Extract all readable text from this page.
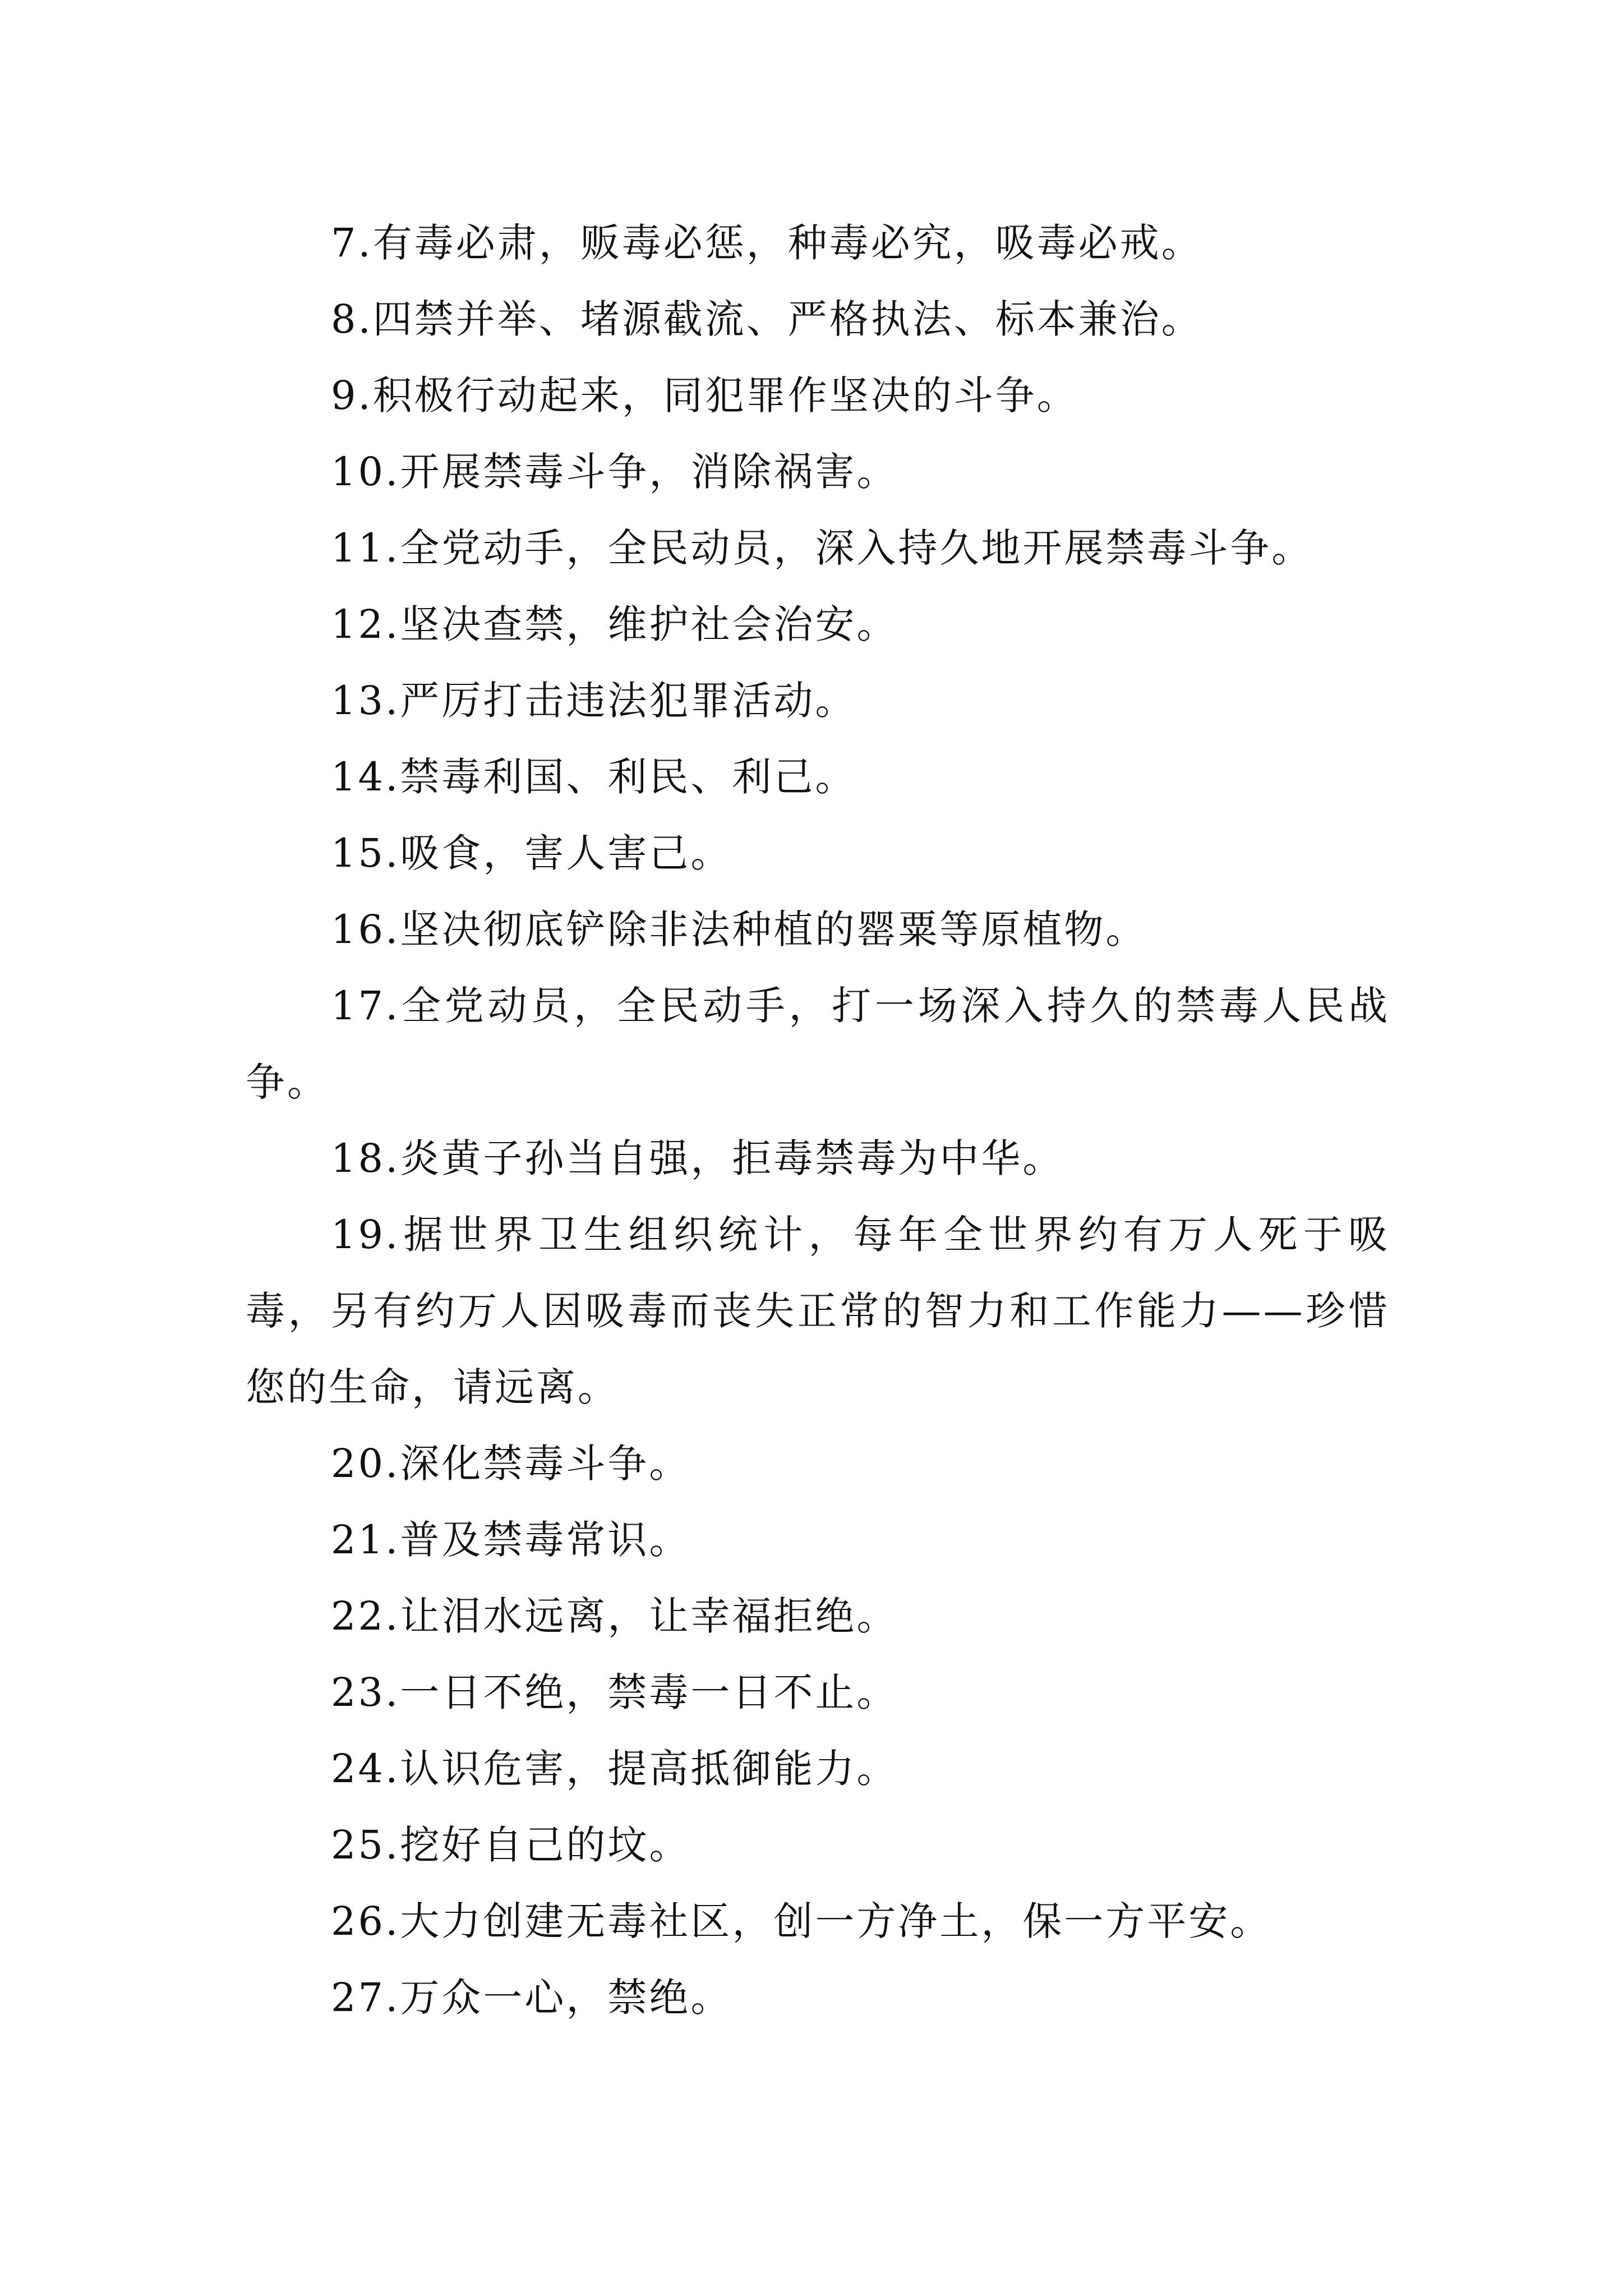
7.有毒必肃，贩毒必惩，种毒必究，吸毒必戒。

8.四禁并举、堵源截流、严格执法、标本兼治。

9.积极行动起来，同犯罪作坚决的斗争。

10.开展禁毒斗争，消除祸害。

11.全党动手，全民动员，深入持久地开展禁毒斗争。

12.坚决查禁，维护社会治安。

13.严厉打击违法犯罪活动。

14.禁毒利国、利民、利己。

15.吸食，害人害己。

16.坚决彻底铲除非法种植的罂粟等原植物。

17.全党动员，全民动手，打一场深入持久的禁毒人民战争。

18.炎黄子孙当自强，拒毒禁毒为中华。

19.据世界卫生组织统计，每年全世界约有万人死于吸毒，另有约万人因吸毒而丧失正常的智力和工作能力——珍惜您的生命，请远离。

20.深化禁毒斗争。

21.普及禁毒常识。

22.让泪水远离，让幸福拒绝。

23.一日不绝，禁毒一日不止。

24.认识危害，提高抵御能力。

25.挖好自己的坟。

26.大力创建无毒社区，创一方净土，保一方平安。

27.万众一心，禁绝。
